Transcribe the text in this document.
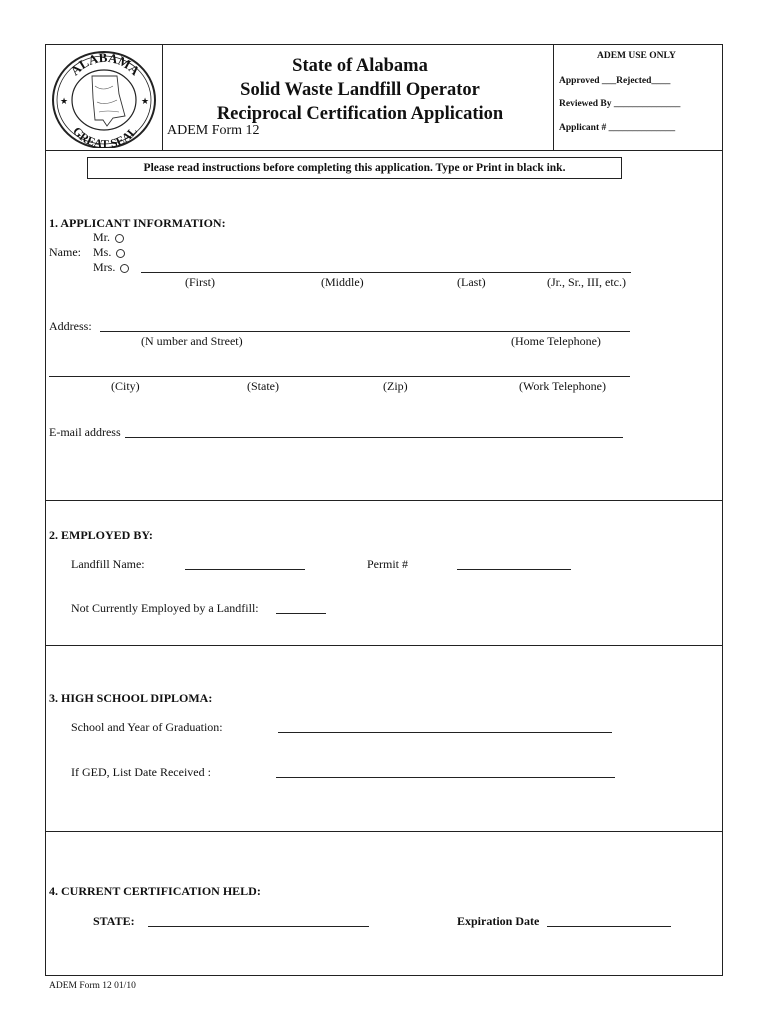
ALABAMA
GREAT SEAL
★	★
State of Alabama
Solid Waste Landfill Operator
Reciprocal Certification Application
ADEM Form 12
ADEM USE ONLY
Approved ___Rejected____
Reviewed By ______________
Applicant # ______________
Please read instructions before completing this application. Type or Print in black ink.
1. APPLICANT INFORMATION:
Mr.
Name: Ms.
Mrs.
(First)	(Middle)	(Last)	(Jr., Sr., III, etc.)
Address:
(N umber and Street)	(Home Telephone)
(City)	(State)	(Zip)	(Work Telephone)
E-mail address
2. EMPLOYED BY:
Landfill Name:	Permit #
Not Currently Employed by a Landfill:
3. HIGH SCHOOL DIPLOMA:
School and Year of Graduation:
If GED, List Date Received :
4. CURRENT CERTIFICATION HELD:
STATE:	Expiration Date
ADEM Form 12 01/10
